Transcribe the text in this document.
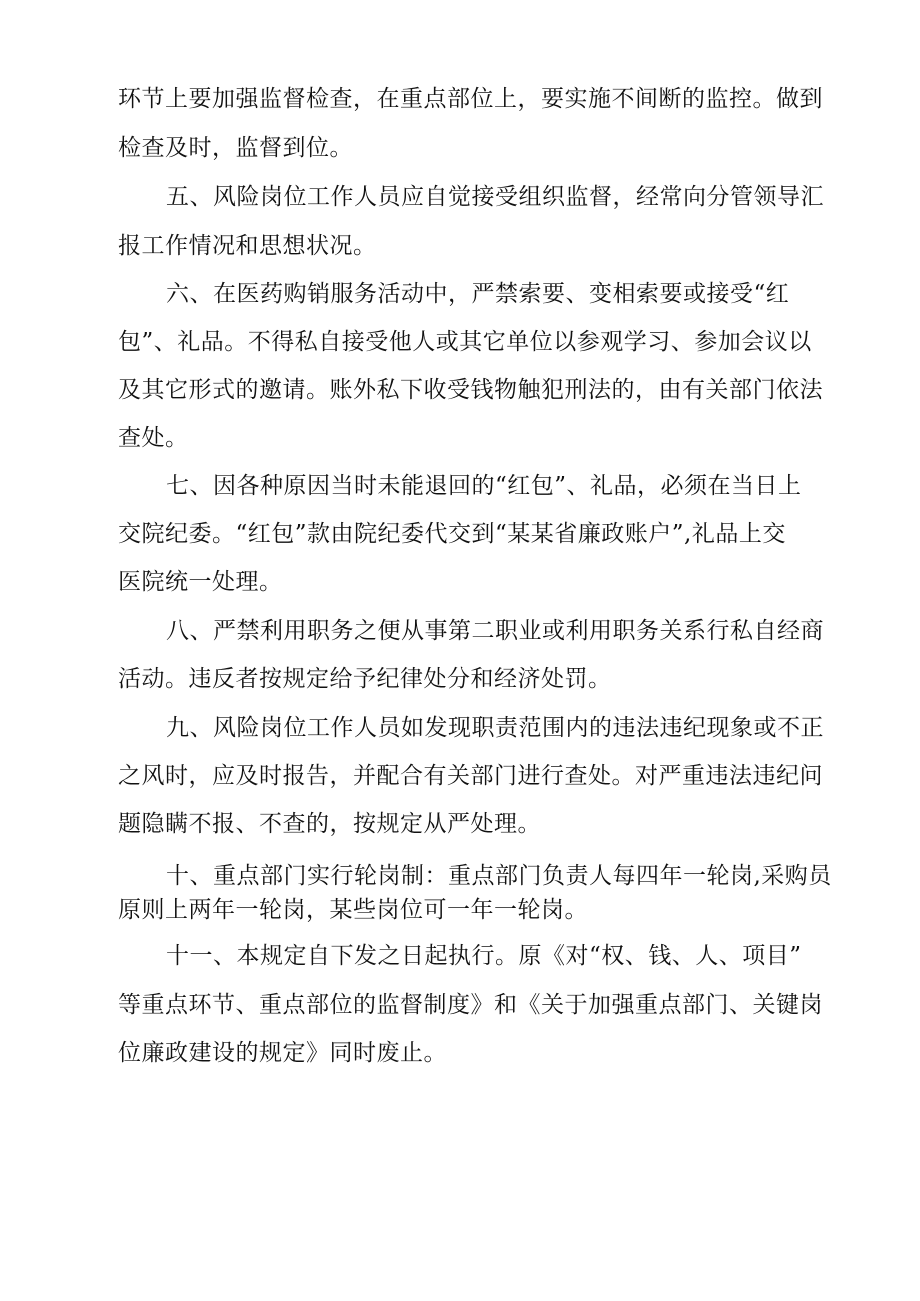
环节上要加强监督检查，在重点部位上，要实施不间断的监控。做到
检查及时，监督到位。
五、风险岗位工作人员应自觉接受组织监督，经常向分管领导汇
报工作情况和思想状况。
六、在医药购销服务活动中，严禁索要、变相索要或接受“红
包”、礼品。不得私自接受他人或其它单位以参观学习、参加会议以
及其它形式的邀请。账外私下收受钱物触犯刑法的，由有关部门依法
查处。
七、因各种原因当时未能退回的“红包”、礼品，必须在当日上
交院纪委。“红包”款由院纪委代交到“某某省廉政账户”,礼品上交
医院统一处理。
八、严禁利用职务之便从事第二职业或利用职务关系行私自经商
活动。违反者按规定给予纪律处分和经济处罚。
九、风险岗位工作人员如发现职责范围内的违法违纪现象或不正
之风时，应及时报告，并配合有关部门进行查处。对严重违法违纪问
题隐瞒不报、不查的，按规定从严处理。
十、重点部门实行轮岗制：重点部门负责人每四年一轮岗,采购员
原则上两年一轮岗，某些岗位可一年一轮岗。
十一、本规定自下发之日起执行。原《对“权、钱、人、项目”
等重点环节、重点部位的监督制度》和《关于加强重点部门、关键岗
位廉政建设的规定》同时废止。
